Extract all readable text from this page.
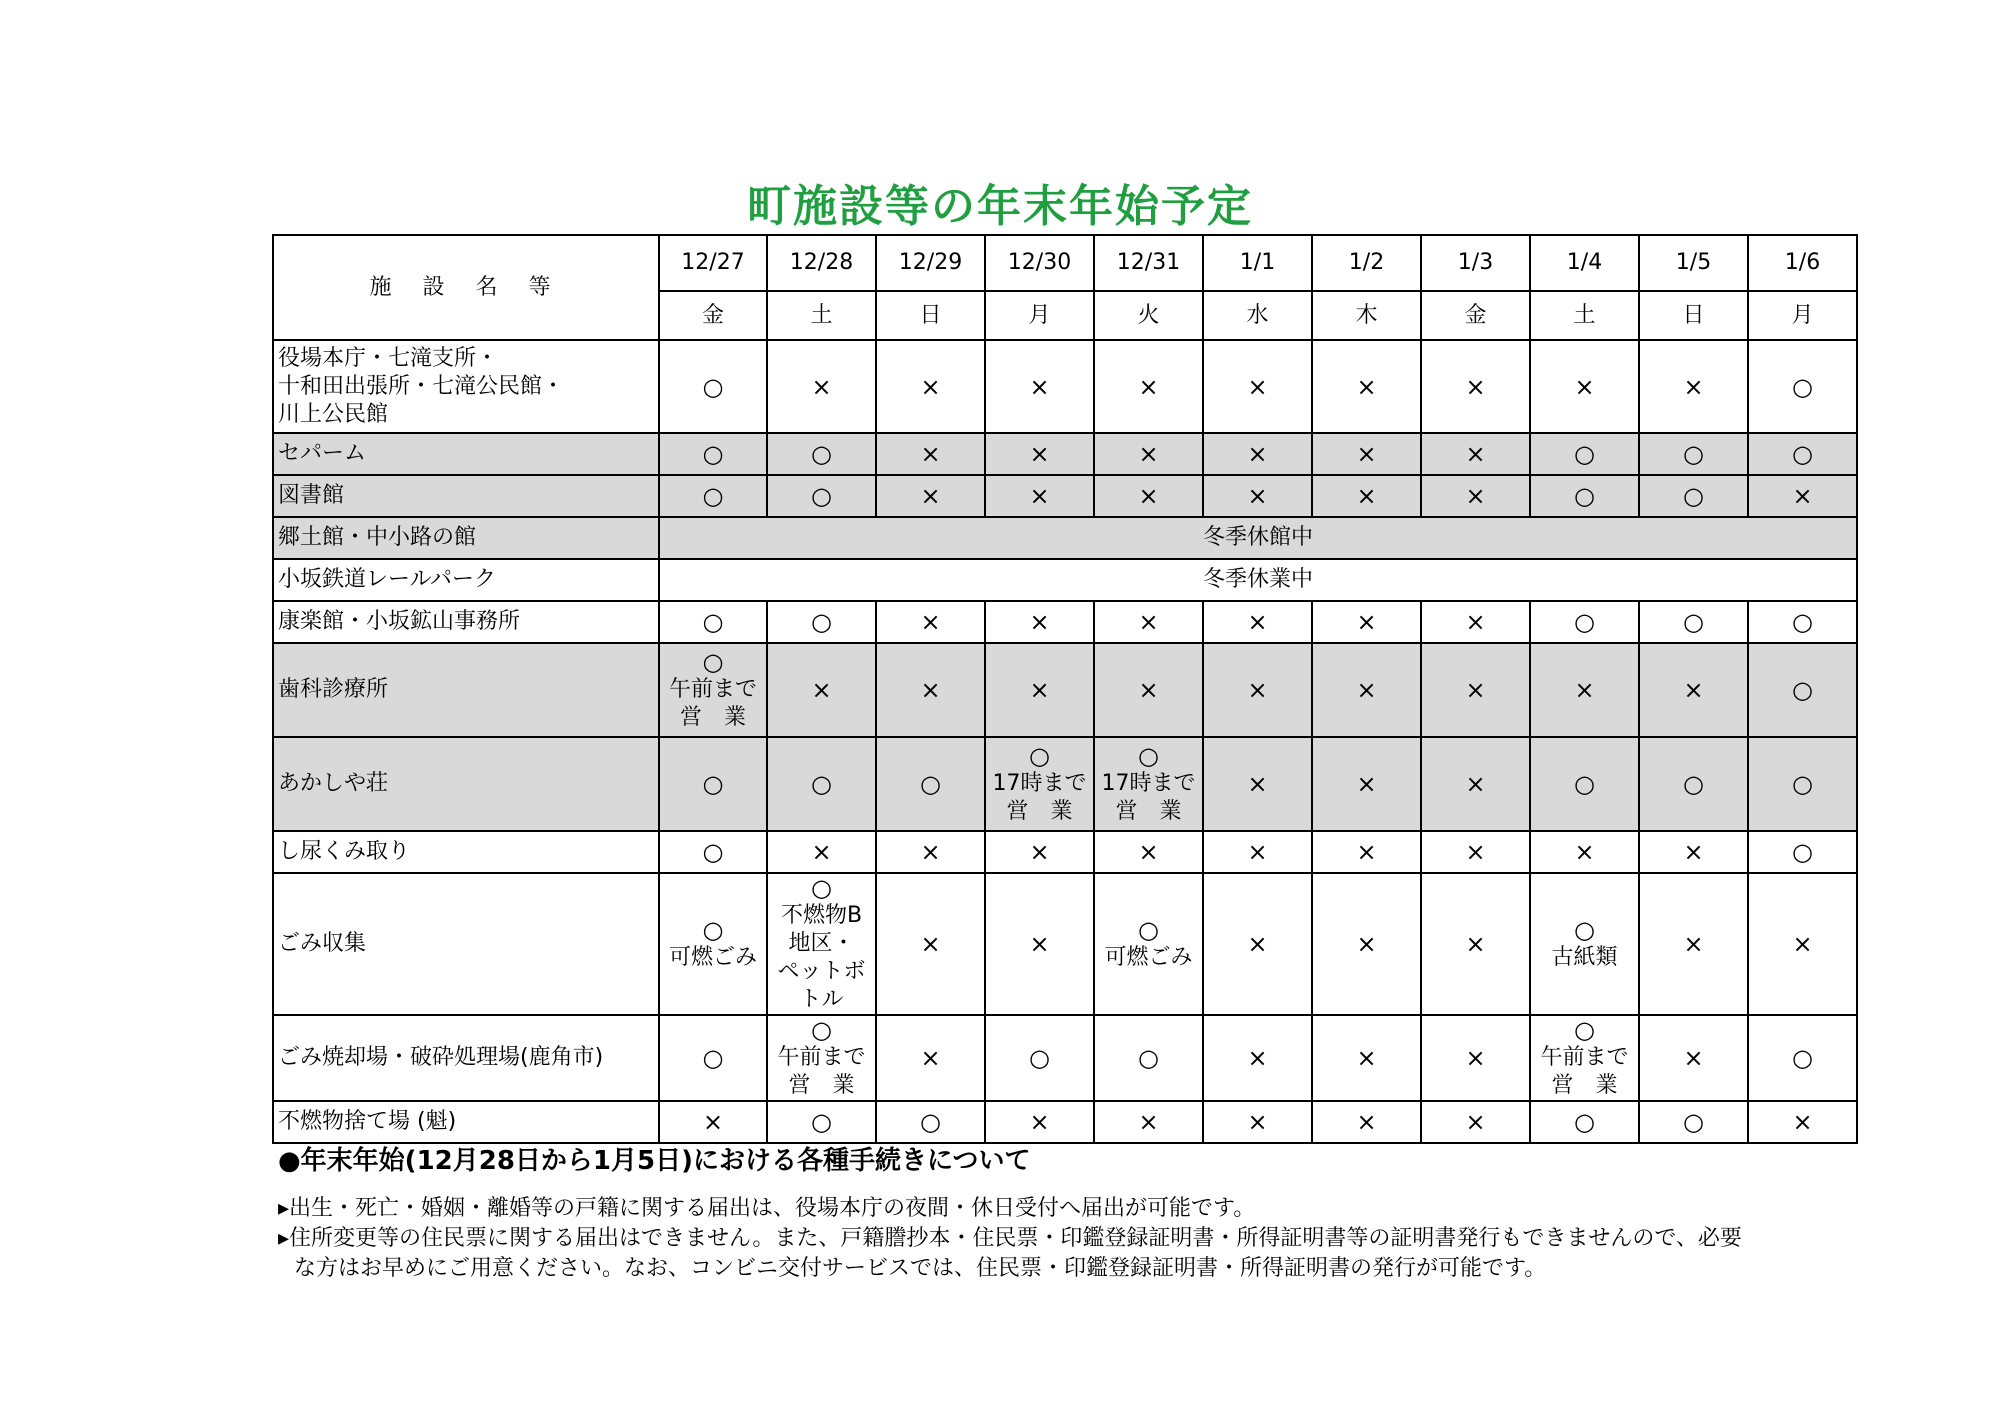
町施設等の年末年始予定
施 設 名 等	12/27	12/28	12/29	12/30	12/31	1/1	1/2	1/3	1/4	1/5	1/6
	金	土	日	月	火	水	木	金	土	日	月

役場本庁・七滝支所・
十和田出張所・七滝公民館・
川上公民館	○	×	×	×	×	×	×	×	×	×	○

セパーム	○	○	×	×	×	×	×	×	○	○	○

図書館	○	○	×	×	×	×	×	×	○	○	×

郷土館・中小路の館	冬季休館中										

小坂鉄道レールパーク	冬季休業中										

康楽館・小坂鉱山事務所	○	○	×	×	×	×	×	×	○	○	○

歯科診療所	○
午前まで
営　業	×	×	×	×	×	×	×	×	×	○

あかしや荘	○	○	○	○
17時まで
営　業	○
17時まで
営　業	×	×	×	○	○	○

し尿くみ取り	○	×	×	×	×	×	×	×	×	×	○

ごみ収集	○
可燃ごみ	○
不燃物B
地区・
ペットボトル	×	×	○
可燃ごみ	×	×	×	○
古紙類	×	×

ごみ焼却場・破砕処理場(鹿角市)	○	○
午前まで
営　業	×	○	○	×	×	×	○
午前まで
営　業	×	○

不燃物捨て場 (魁)	×	○	○	×	×	×	×	×	○	○	×
●年末年始(12月28日から1月5日)における各種手続きについて

▸出生・死亡・婚姻・離婚等の戸籍に関する届出は、役場本庁の夜間・休日受付へ届出が可能です。

▸住所変更等の住民票に関する届出はできません。また、戸籍謄抄本・住民票・印鑑登録証明書・所得証明書等の証明書発行もできませんので、必要

な方はお早めにご用意ください。なお、コンビニ交付サービスでは、住民票・印鑑登録証明書・所得証明書の発行が可能です。
